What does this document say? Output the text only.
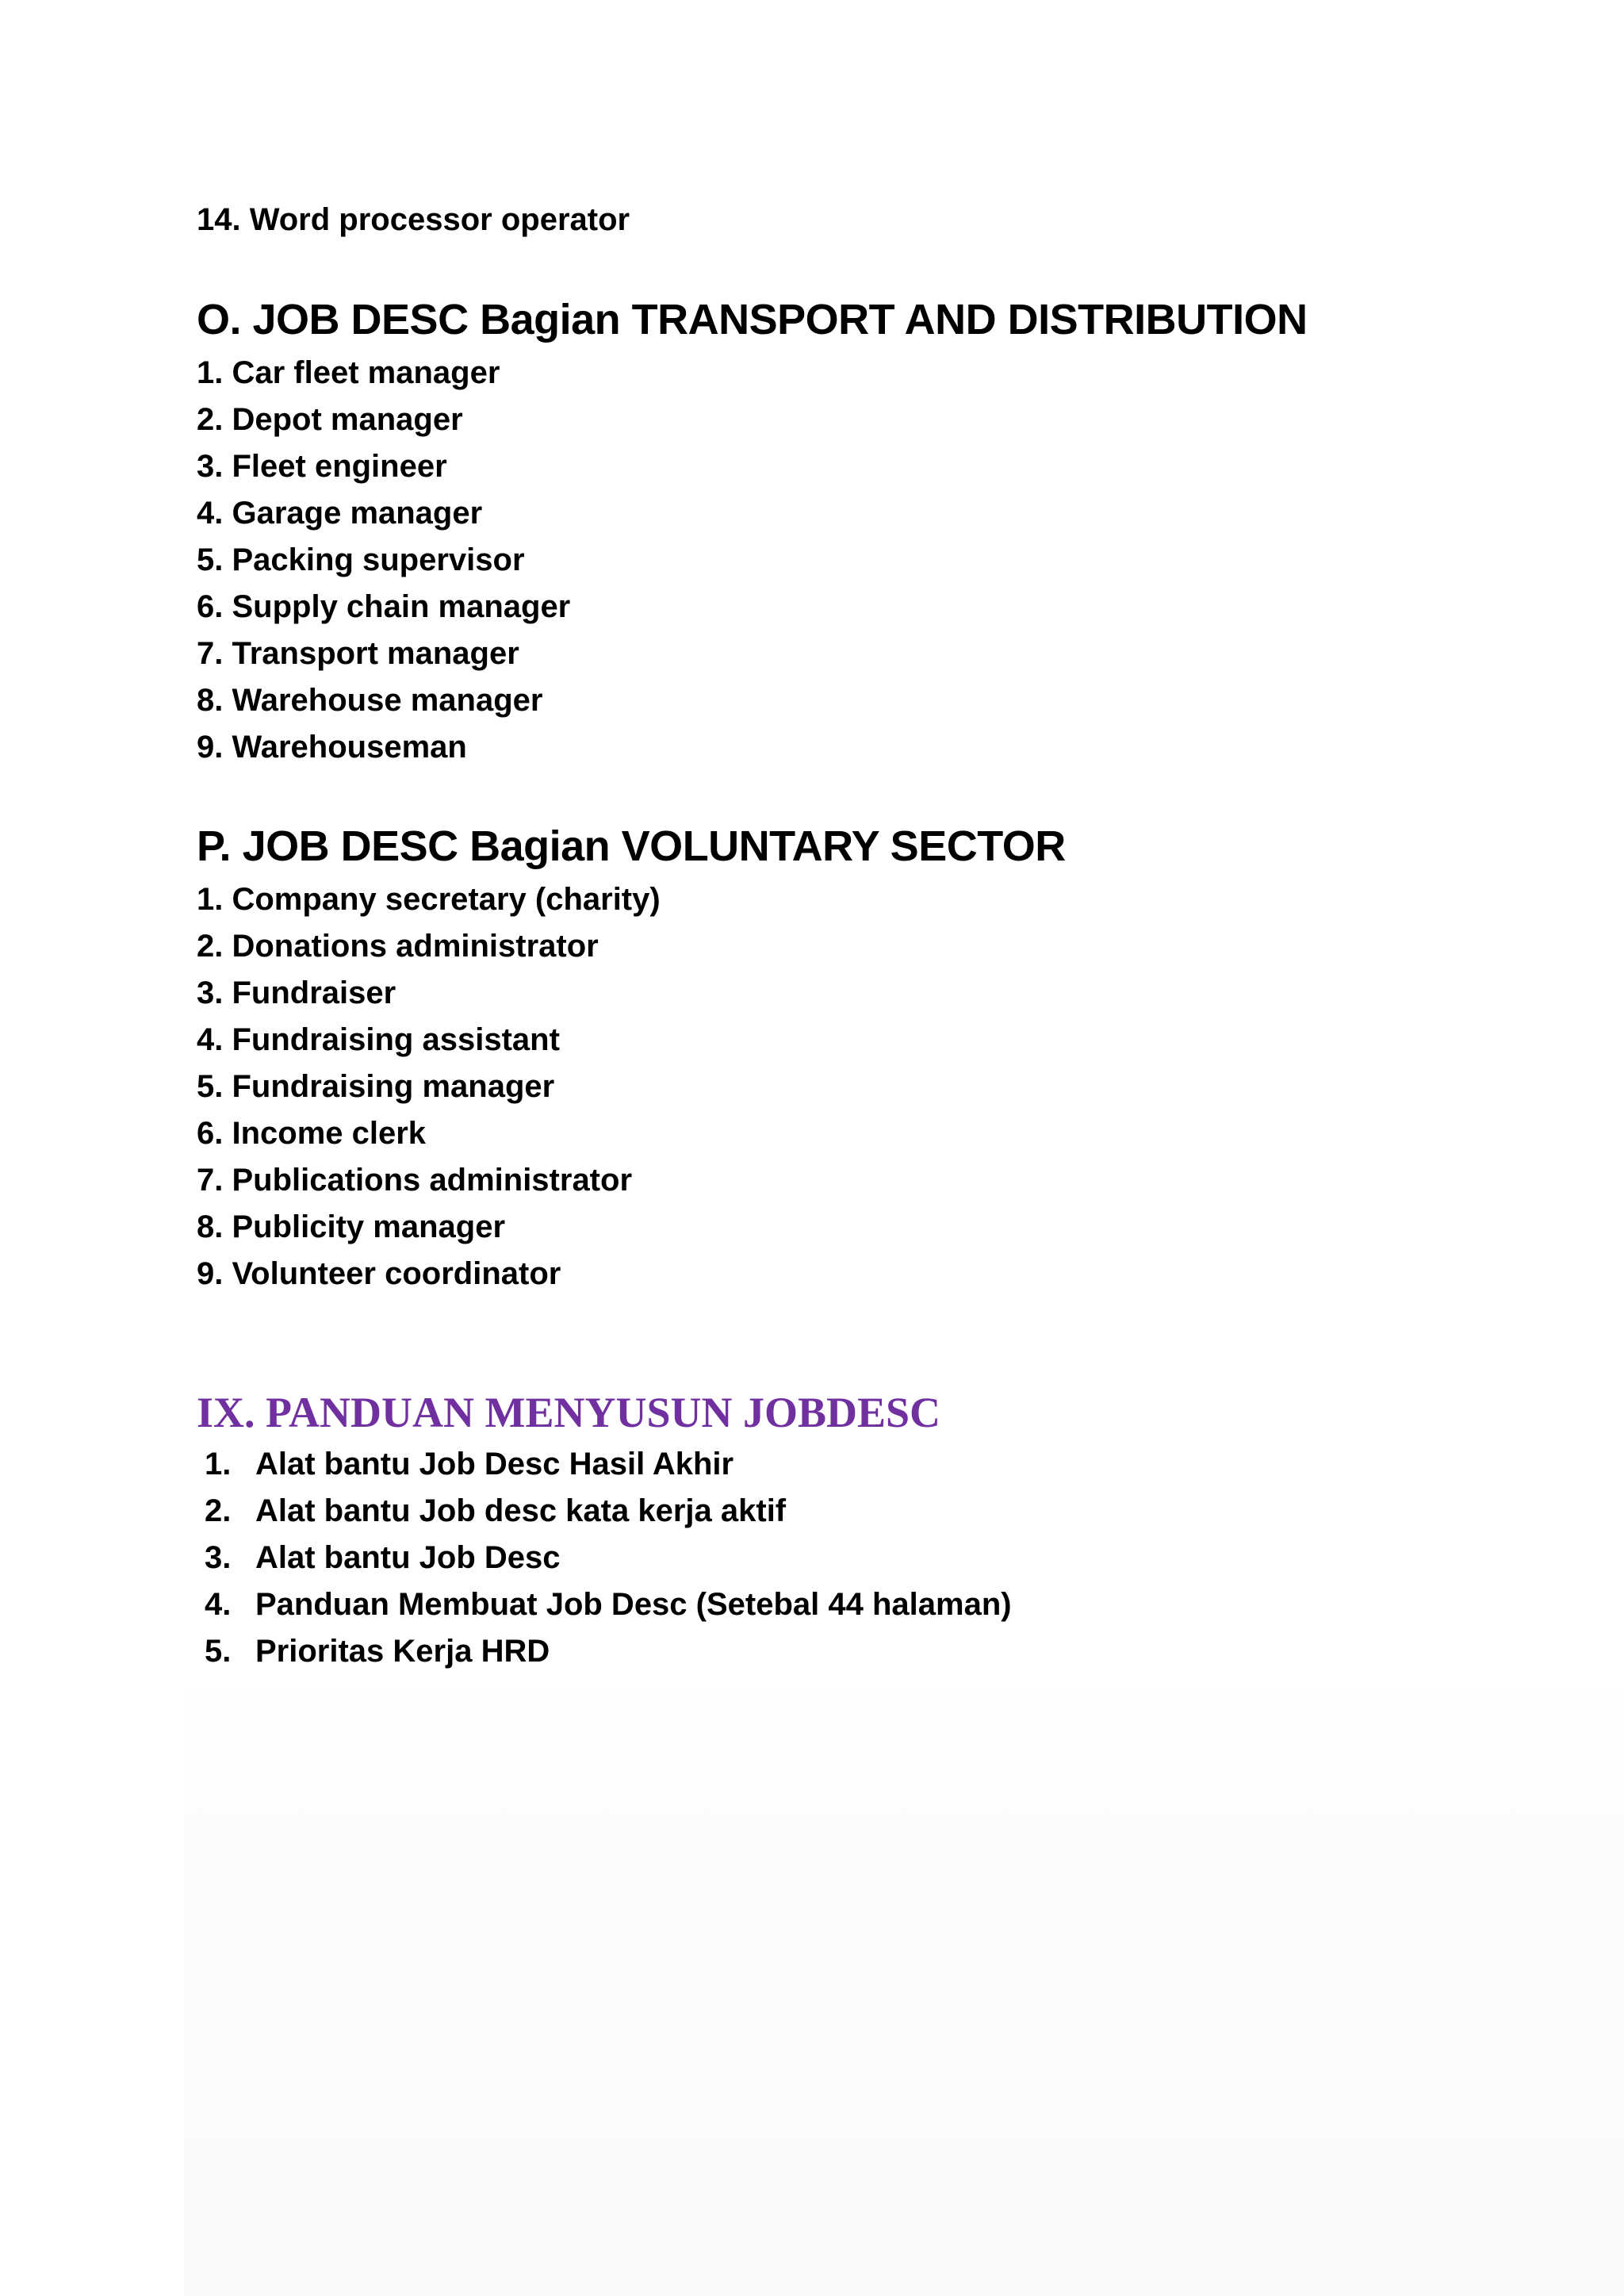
14. Word processor operator
O. JOB DESC Bagian TRANSPORT AND DISTRIBUTION
1. Car fleet manager
2. Depot manager
3. Fleet engineer
4. Garage manager
5. Packing supervisor
6. Supply chain manager
7. Transport manager
8. Warehouse manager
9. Warehouseman
P. JOB DESC Bagian VOLUNTARY SECTOR
1. Company secretary (charity)
2. Donations administrator
3. Fundraiser
4. Fundraising assistant
5. Fundraising manager
6. Income clerk
7. Publications administrator
8. Publicity manager
9. Volunteer coordinator
IX. PANDUAN MENYUSUN JOBDESC
1. Alat bantu Job Desc Hasil Akhir
2. Alat bantu Job desc kata kerja aktif
3. Alat bantu Job Desc
4. Panduan Membuat Job Desc (Setebal 44 halaman)
5. Prioritas Kerja HRD
